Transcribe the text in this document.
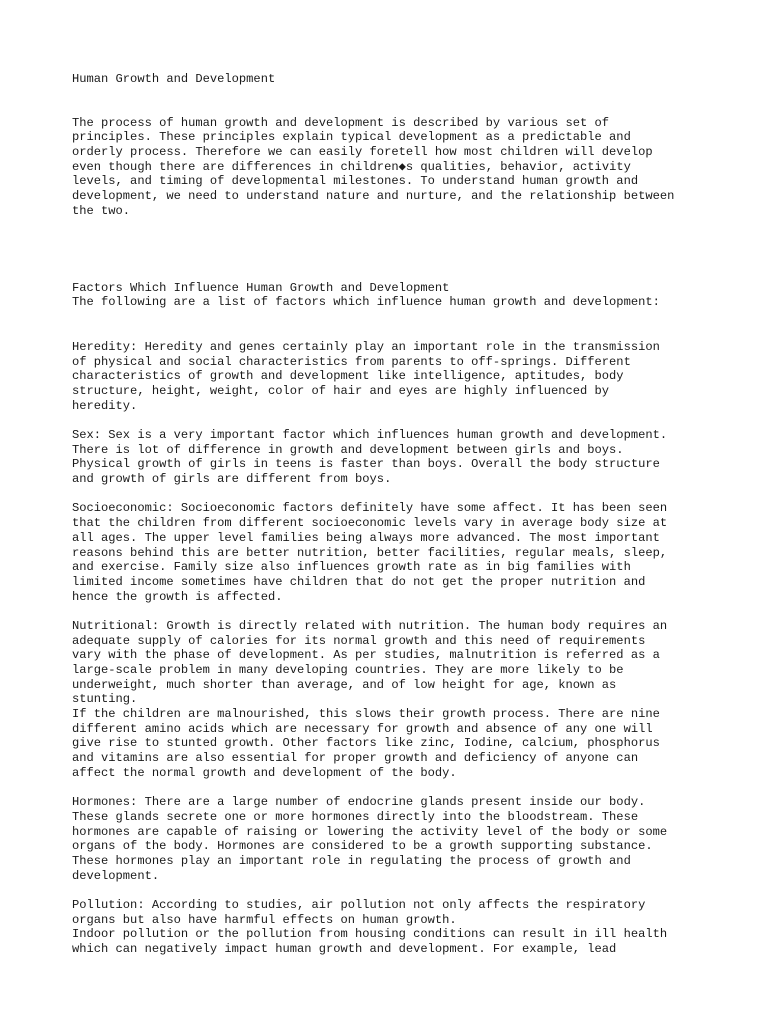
Human Growth and Development
The process of human growth and development is described by various set of
principles. These principles explain typical development as a predictable and
orderly process. Therefore we can easily foretell how most children will develop
even though there are differences in children◆s qualities, behavior, activity
levels, and timing of developmental milestones. To understand human growth and
development, we need to understand nature and nurture, and the relationship between
the two.
Factors Which Influence Human Growth and Development
The following are a list of factors which influence human growth and development:
Heredity: Heredity and genes certainly play an important role in the transmission
of physical and social characteristics from parents to off-springs. Different
characteristics of growth and development like intelligence, aptitudes, body
structure, height, weight, color of hair and eyes are highly influenced by
heredity.
Sex: Sex is a very important factor which influences human growth and development.
There is lot of difference in growth and development between girls and boys.
Physical growth of girls in teens is faster than boys. Overall the body structure
and growth of girls are different from boys.
Socioeconomic: Socioeconomic factors definitely have some affect. It has been seen
that the children from different socioeconomic levels vary in average body size at
all ages. The upper level families being always more advanced. The most important
reasons behind this are better nutrition, better facilities, regular meals, sleep,
and exercise. Family size also influences growth rate as in big families with
limited income sometimes have children that do not get the proper nutrition and
hence the growth is affected.
Nutritional: Growth is directly related with nutrition. The human body requires an
adequate supply of calories for its normal growth and this need of requirements
vary with the phase of development. As per studies, malnutrition is referred as a
large-scale problem in many developing countries. They are more likely to be
underweight, much shorter than average, and of low height for age, known as
stunting.
If the children are malnourished, this slows their growth process. There are nine
different amino acids which are necessary for growth and absence of any one will
give rise to stunted growth. Other factors like zinc, Iodine, calcium, phosphorus
and vitamins are also essential for proper growth and deficiency of anyone can
affect the normal growth and development of the body.
Hormones: There are a large number of endocrine glands present inside our body.
These glands secrete one or more hormones directly into the bloodstream. These
hormones are capable of raising or lowering the activity level of the body or some
organs of the body. Hormones are considered to be a growth supporting substance.
These hormones play an important role in regulating the process of growth and
development.
Pollution: According to studies, air pollution not only affects the respiratory
organs but also have harmful effects on human growth.
Indoor pollution or the pollution from housing conditions can result in ill health
which can negatively impact human growth and development. For example, lead
